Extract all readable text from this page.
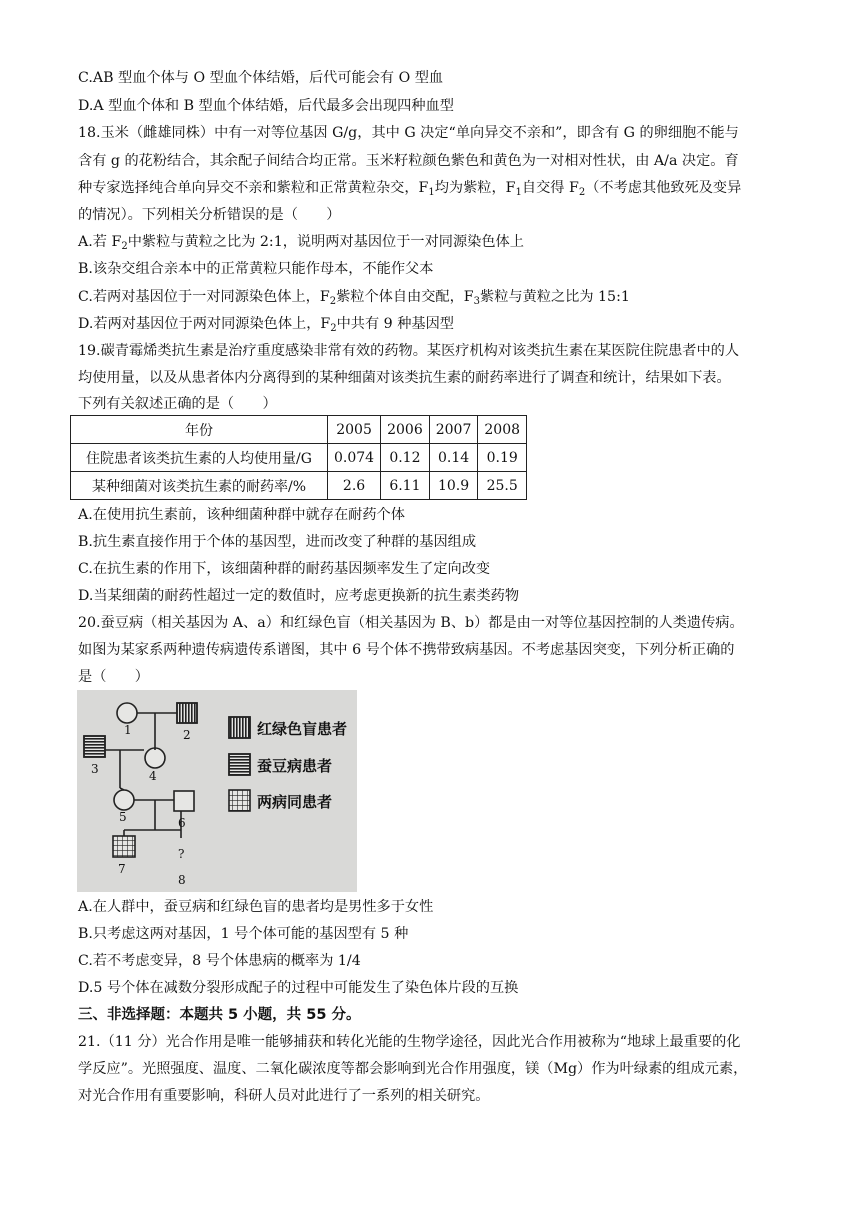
C.AB 型血个体与 O 型血个体结婚，后代可能会有 O 型血
D.A 型血个体和 B 型血个体结婚，后代最多会出现四种血型
18.玉米（雌雄同株）中有一对等位基因 G/g，其中 G 决定“单向异交不亲和”，即含有 G 的卵细胞不能与
含有 g 的花粉结合，其余配子间结合均正常。玉米籽粒颜色紫色和黄色为一对相对性状，由 A/a 决定。育
种专家选择纯合单向异交不亲和紫粒和正常黄粒杂交，$F_1$均为紫粒，$F_1$自交得 $F_2$（不考虑其他致死及变异
的情况）。下列相关分析错误的是（　　）
A.若 $F_2$中紫粒与黄粒之比为 2:1，说明两对基因位于一对同源染色体上
B.该杂交组合亲本中的正常黄粒只能作母本，不能作父本
C.若两对基因位于一对同源染色体上，$F_2$紫粒个体自由交配，$F_3$紫粒与黄粒之比为 15:1
D.若两对基因位于两对同源染色体上，$F_2$中共有 9 种基因型
19.碳青霉烯类抗生素是治疗重度感染非常有效的药物。某医疗机构对该类抗生素在某医院住院患者中的人
均使用量，以及从患者体内分离得到的某种细菌对该类抗生素的耐药率进行了调查和统计，结果如下表。
下列有关叙述正确的是（　　）
年份	2005	2006	2007	2008
住院患者该类抗生素的人均使用量/G	0.074	0.12	0.14	0.19
某种细菌对该类抗生素的耐药率/%	2.6	6.11	10.9	25.5
A.在使用抗生素前，该种细菌种群中就存在耐药个体
B.抗生素直接作用于个体的基因型，进而改变了种群的基因组成
C.在抗生素的作用下，该细菌种群的耐药基因频率发生了定向改变
D.当某细菌的耐药性超过一定的数值时，应考虑更换新的抗生素类药物
20.蚕豆病（相关基因为 A、a）和红绿色盲（相关基因为 B、b）都是由一对等位基因控制的人类遗传病。
如图为某家系两种遗传病遗传系谱图，其中 6 号个体不携带致病基因。不考虑基因突变，下列分析正确的
是（　　）
1	2
3	4
5	6
7
?
8
红绿色盲患者
蚕豆病患者
两病同患者
A.在人群中，蚕豆病和红绿色盲的患者均是男性多于女性
B.只考虑这两对基因，1 号个体可能的基因型有 5 种
C.若不考虑变异，8 号个体患病的概率为 1/4
D.5 号个体在减数分裂形成配子的过程中可能发生了染色体片段的互换
三、非选择题：本题共 5 小题，共 55 分。
21.（11 分）光合作用是唯一能够捕获和转化光能的生物学途径，因此光合作用被称为“地球上最重要的化
学反应”。光照强度、温度、二氧化碳浓度等都会影响到光合作用强度，镁（Mg）作为叶绿素的组成元素，
对光合作用有重要影响，科研人员对此进行了一系列的相关研究。
